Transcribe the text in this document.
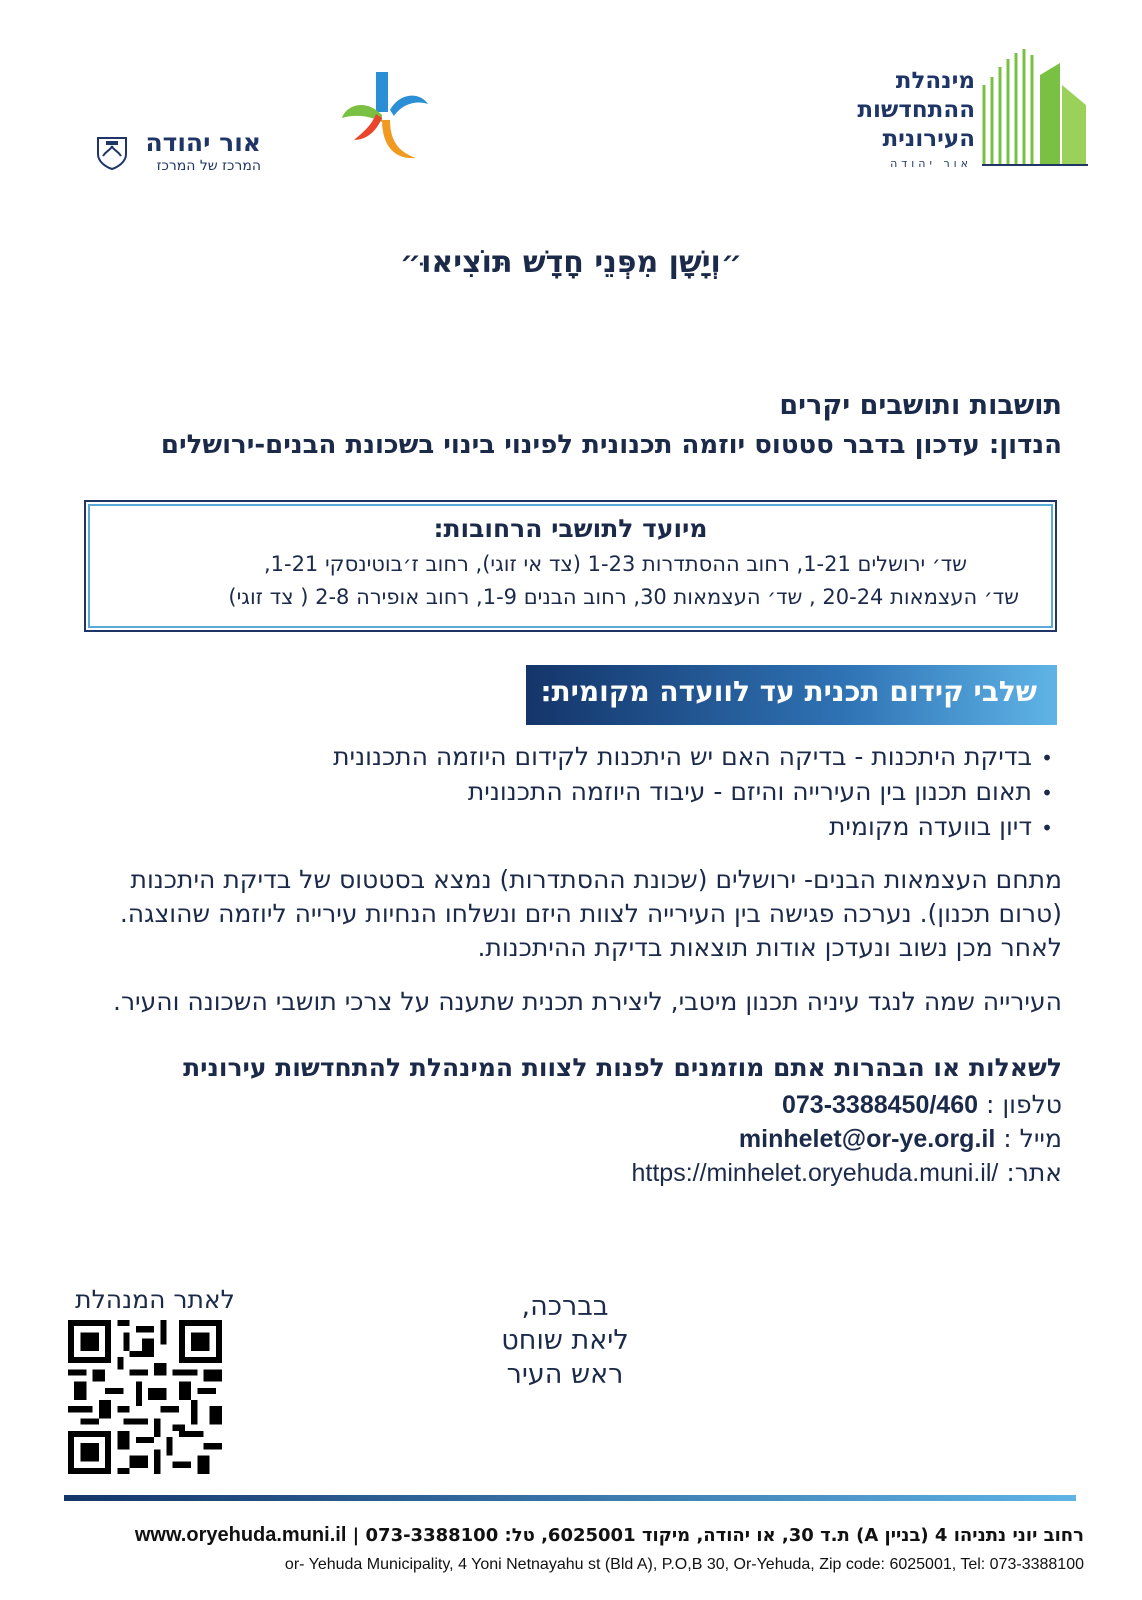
אור יהודה
המרכז של המרכז
מינהלת
ההתחדשות
העירונית
אור יהודה
״וְיָשָׁן מִפְּנֵי חָדָשׁ תּוֹצִיאוּ״
תושבות ותושבים יקרים
הנדון: עדכון בדבר סטטוס יוזמה תכנונית לפינוי בינוי בשכונת הבנים-ירושלים
מיועד לתושבי הרחובות:
שד׳ ירושלים 1-21, רחוב ההסתדרות 1-23 (צד אי זוגי), רחוב ז׳בוטינסקי 1-21,
שד׳ העצמאות 20-24 , שד׳ העצמאות 30, רחוב הבנים 1-9, רחוב אופירה 2-8 ( צד זוגי)
שלבי קידום תכנית עד לוועדה מקומית:
• בדיקת היתכנות - בדיקה האם יש היתכנות לקידום היוזמה התכנונית
• תאום תכנון בין העירייה והיזם - עיבוד היוזמה התכנונית
• דיון בוועדה מקומית
מתחם העצמאות הבנים- ירושלים (שכונת ההסתדרות) נמצא בסטטוס של בדיקת היתכנות (טרום תכנון). נערכה פגישה בין העירייה לצוות היזם ונשלחו הנחיות עירייה ליוזמה שהוצגה. לאחר מכן נשוב ונעדכן אודות תוצאות בדיקת ההיתכנות.
העירייה שמה לנגד עיניה תכנון מיטבי, ליצירת תכנית שתענה על צרכי תושבי השכונה והעיר.
לשאלות או הבהרות אתם מוזמנים לפנות לצוות המינהלת להתחדשות עירונית
טלפון : 073-3388450/460
מייל : minhelet@or-ye.org.il
אתר: https://minhelet.oryehuda.muni.il/
בברכה,
ליאת שוחט
ראש העיר
לאתר המנהלת
רחוב יוני נתניהו 4 (בניין A) ת.ד 30, או יהודה, מיקוד 6025001, טל: 073-3388100 | www.oryehuda.muni.il
or- Yehuda Municipality, 4 Yoni Netnayahu st (Bld A), P.O,B 30, Or-Yehuda, Zip code: 6025001, Tel: 073-3388100
